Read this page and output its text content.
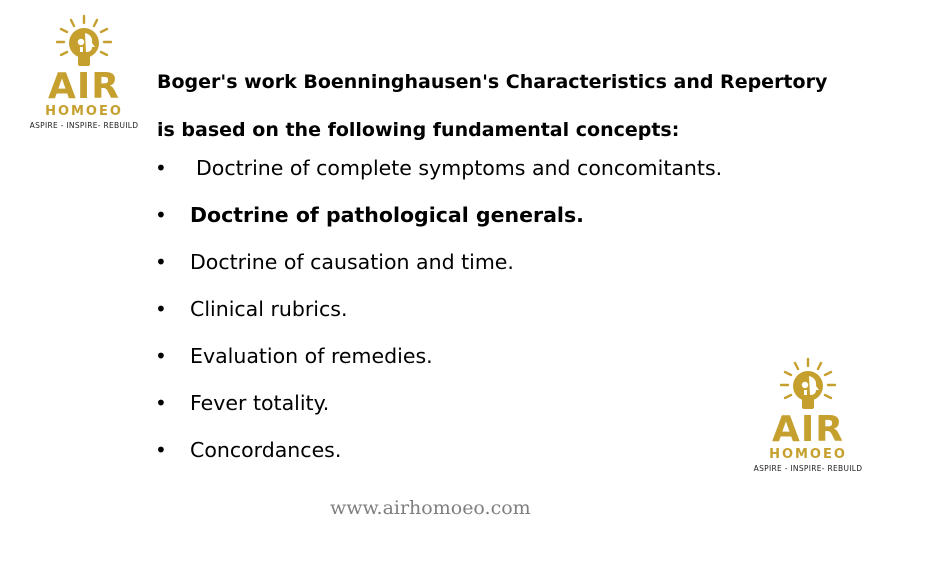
AIR
HOMOEO
ASPIRE - INSPIRE- REBUILD
Boger's work Boenninghausen's Characteristics and Repertory
is based on the following fundamental concepts:
•	Doctrine of complete symptoms and concomitants.
•	Doctrine of pathological generals.
•	Doctrine of causation and time.
•	Clinical rubrics.
•	Evaluation of remedies.
•	Fever totality.
•	Concordances.	AIR
HOMOEO
ASPIRE - INSPIRE- REBUILD
www.airhomoeo.com
